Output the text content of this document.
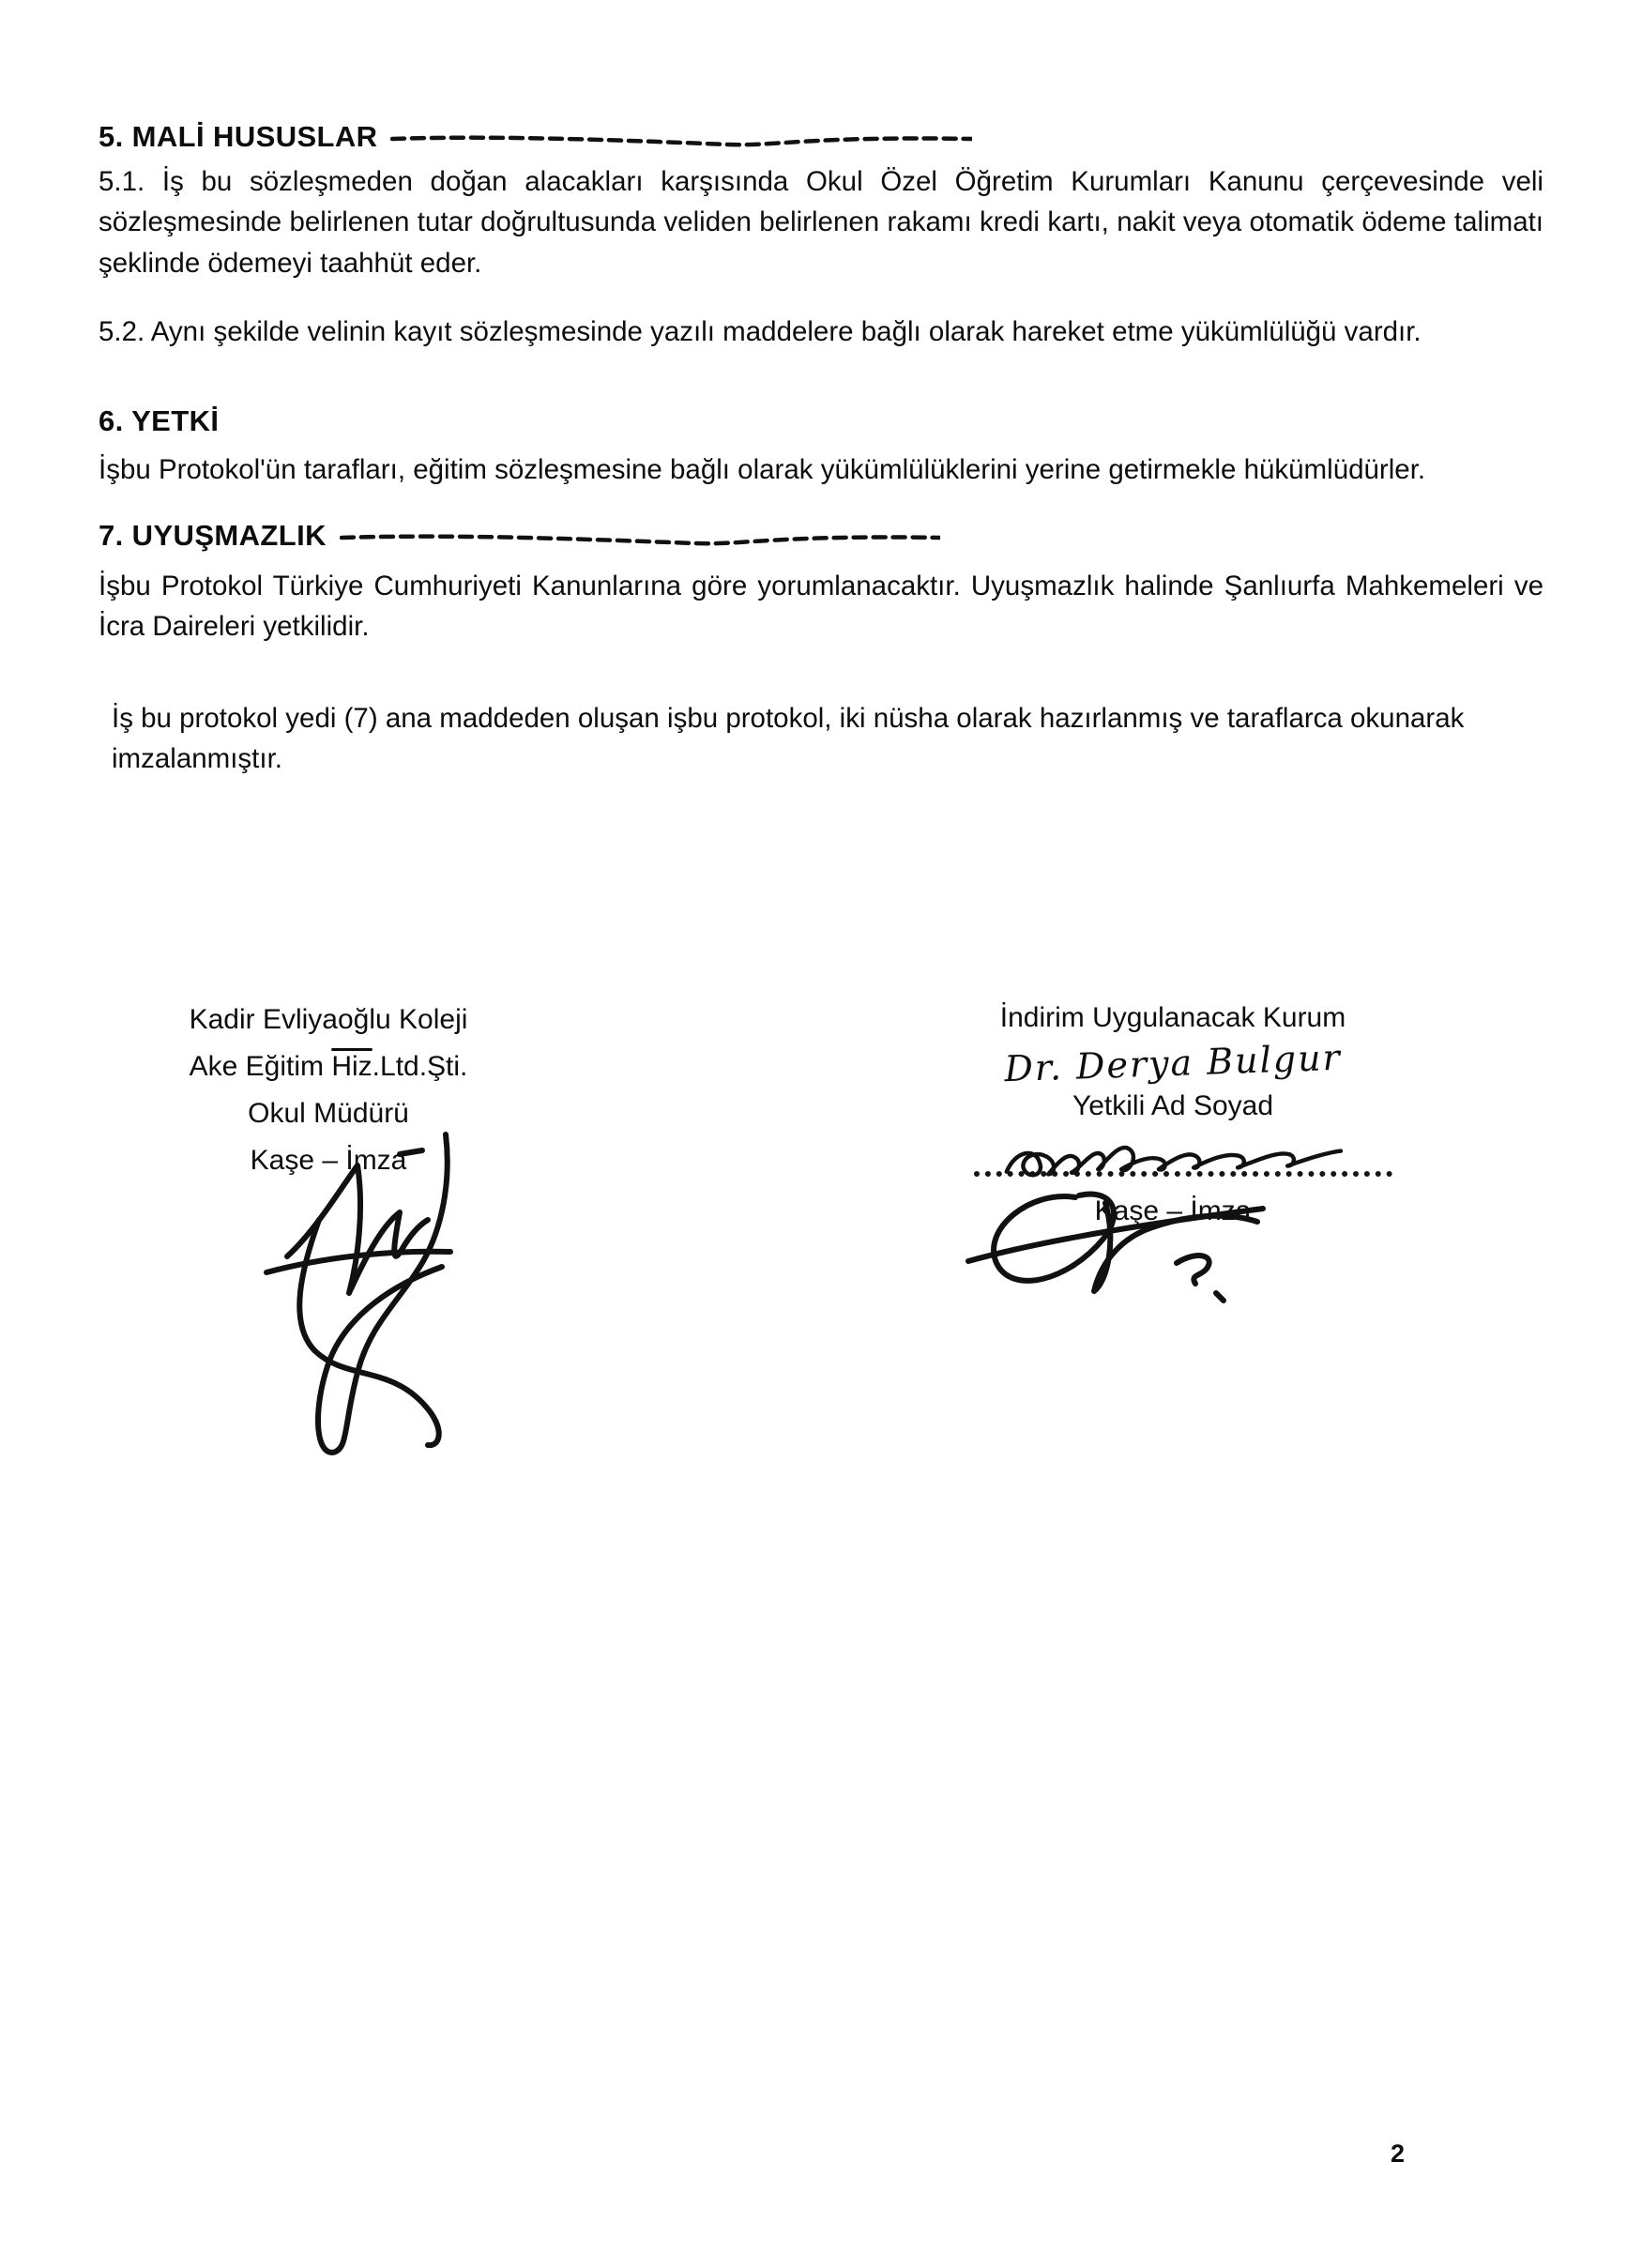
5. MALİ HUSUSLAR

5.1. İş bu sözleşmeden doğan alacakları karşısında Okul Özel Öğretim Kurumları Kanunu çerçevesinde veli sözleşmesinde belirlenen tutar doğrultusunda veliden belirlenen rakamı kredi kartı, nakit veya otomatik ödeme talimatı şeklinde ödemeyi taahhüt eder.

5.2. Aynı şekilde velinin kayıt sözleşmesinde yazılı maddelere bağlı olarak hareket etme yükümlülüğü vardır.

6. YETKİ

İşbu Protokol'ün tarafları, eğitim sözleşmesine bağlı olarak yükümlülüklerini yerine getirmekle hükümlüdürler.

7. UYUŞMAZLIK

İşbu Protokol Türkiye Cumhuriyeti Kanunlarına göre yorumlanacaktır. Uyuşmazlık halinde Şanlıurfa Mahkemeleri ve İcra Daireleri yetkilidir.

İş bu protokol yedi (7) ana maddeden oluşan işbu protokol, iki nüsha olarak hazırlanmış ve taraflarca okunarak imzalanmıştır.

Kadir Evliyaoğlu Koleji
Ake Eğitim $\overline{Hiz}.Ltd.Şti$.
Okul Müdürü
Kaşe – İmza
İndirim Uygulanacak Kurum
Dr. Derya Bulgur
Yetkili Ad Soyad
Kaşe – İmza
2
